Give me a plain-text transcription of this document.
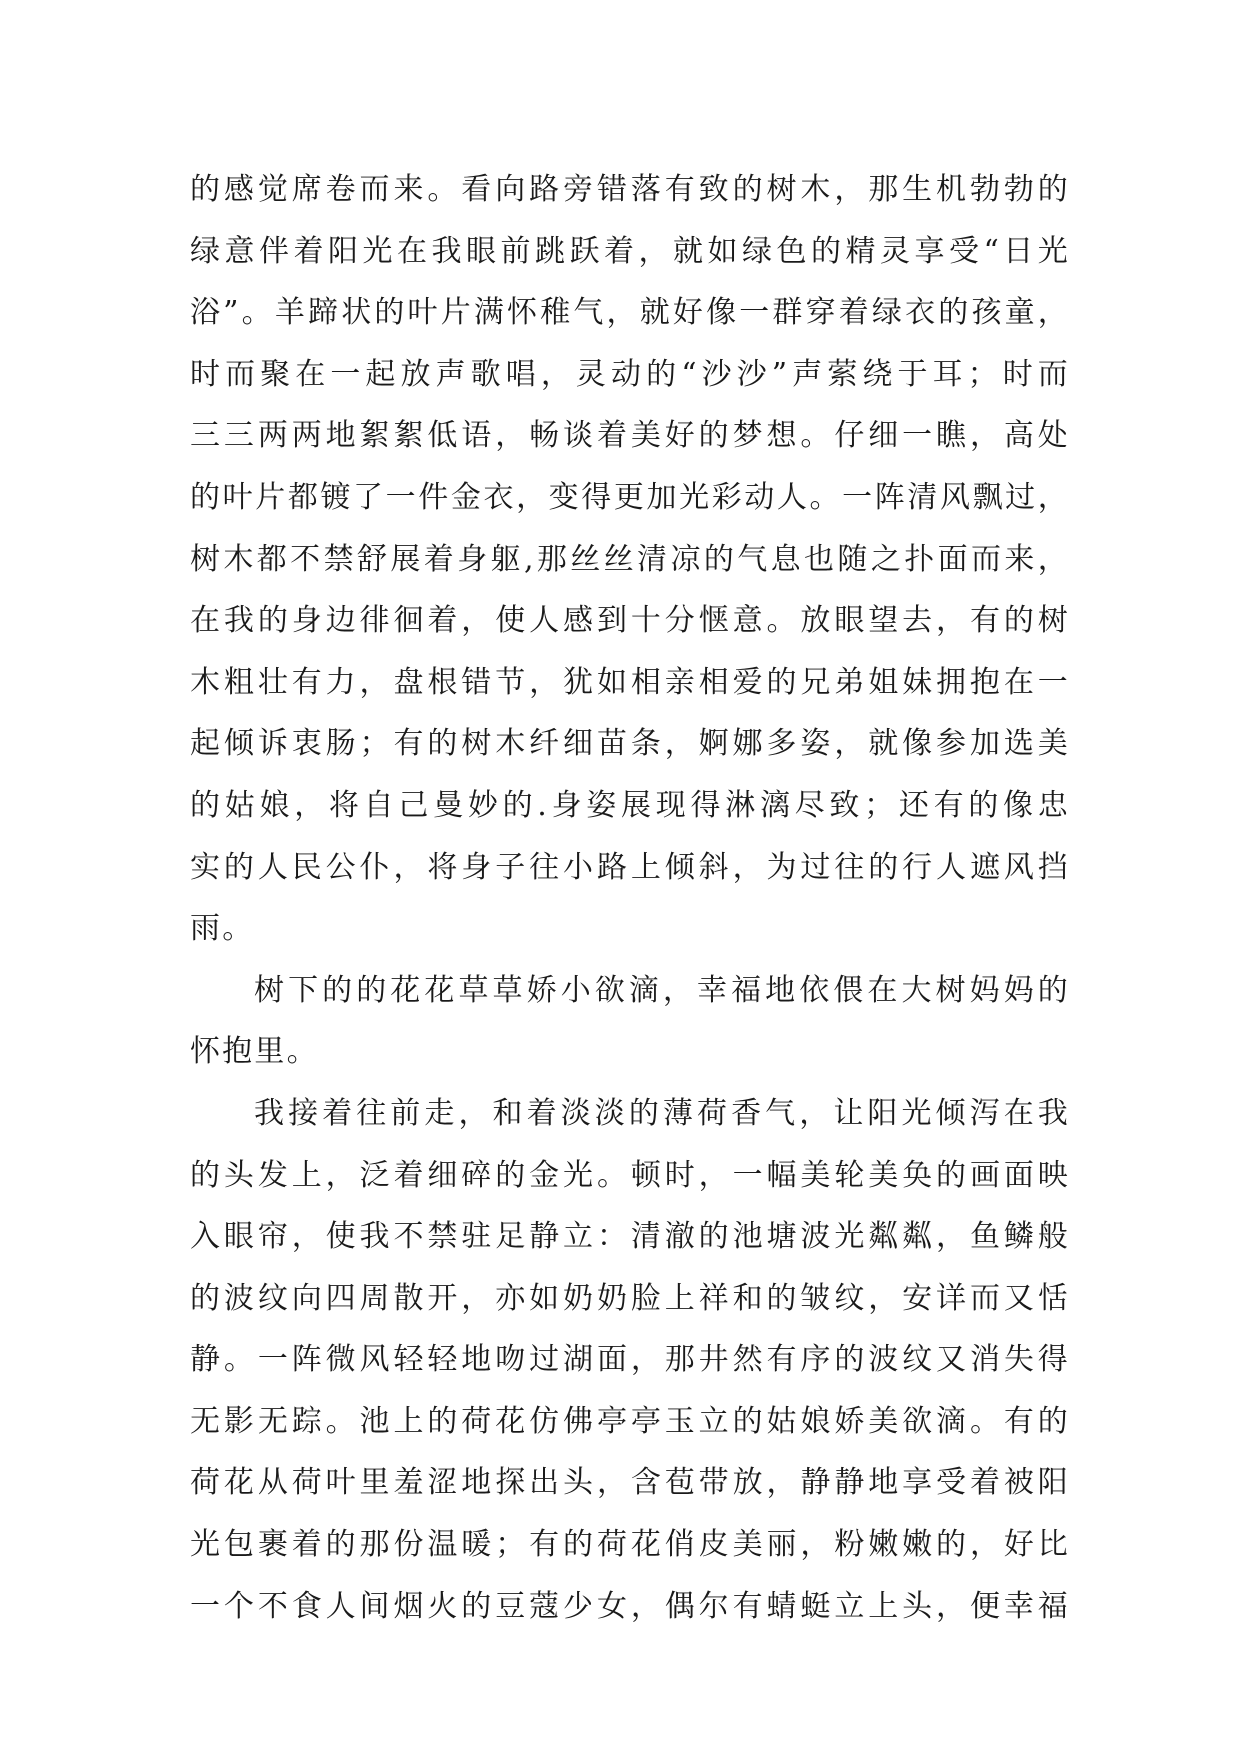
的感觉席卷而来。看向路旁错落有致的树木，那生机勃勃的
绿意伴着阳光在我眼前跳跃着，就如绿色的精灵享受“日光
浴”。羊蹄状的叶片满怀稚气，就好像一群穿着绿衣的孩童，
时而聚在一起放声歌唱，灵动的“沙沙”声萦绕于耳；时而
三三两两地絮絮低语，畅谈着美好的梦想。仔细一瞧，高处
的叶片都镀了一件金衣，变得更加光彩动人。一阵清风飘过，
树木都不禁舒展着身躯,那丝丝清凉的气息也随之扑面而来，
在我的身边徘徊着，使人感到十分惬意。放眼望去，有的树
木粗壮有力，盘根错节，犹如相亲相爱的兄弟姐妹拥抱在一
起倾诉衷肠；有的树木纤细苗条，婀娜多姿，就像参加选美
的姑娘，将自己曼妙的.身姿展现得淋漓尽致；还有的像忠
实的人民公仆，将身子往小路上倾斜，为过往的行人遮风挡
雨。
树下的的花花草草娇小欲滴，幸福地依偎在大树妈妈的
怀抱里。
我接着往前走，和着淡淡的薄荷香气，让阳光倾泻在我
的头发上，泛着细碎的金光。顿时，一幅美轮美奂的画面映
入眼帘，使我不禁驻足静立：清澈的池塘波光粼粼，鱼鳞般
的波纹向四周散开，亦如奶奶脸上祥和的皱纹，安详而又恬
静。一阵微风轻轻地吻过湖面，那井然有序的波纹又消失得
无影无踪。池上的荷花仿佛亭亭玉立的姑娘娇美欲滴。有的
荷花从荷叶里羞涩地探出头，含苞带放，静静地享受着被阳
光包裹着的那份温暖；有的荷花俏皮美丽，粉嫩嫩的，好比
一个不食人间烟火的豆蔻少女，偶尔有蜻蜓立上头，便幸福
